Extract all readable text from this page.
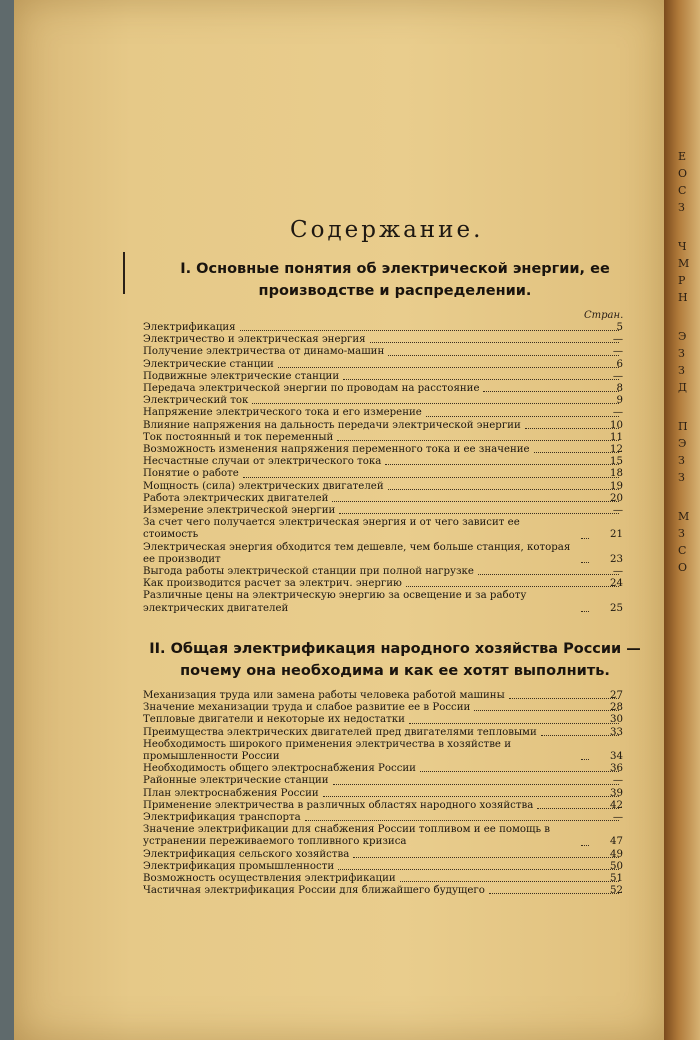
Е
О
С
З
Ч
М
Р
Н
Э
З
З
Д
П
Э
З
З
М
З
С
О
Содержание.
I. Основные понятия об электрической энергии, ее производстве и распределении.
Стран.
Электрификация	5
Электричество и электрическая энергия	—
Получение электричества от динамо-машин	—
Электрические станции	6
Подвижные электрические станции	—
Передача электрической энергии по проводам на расстояние	8
Электрический ток	9
Напряжение электрического тока и его измерение	—
Влияние напряжения на дальность передачи электрической энергии	10
Ток постоянный и ток переменный	11
Возможность изменения напряжения переменного тока и ее значение	12
Несчастные случаи от электрического тока	15
Понятие о работе	18
Мощность (сила) электрических двигателей	19
Работа электрических двигателей	20
Измерение электрической энергии	—
За счет чего получается электрическая энергия и от чего зависит ее стоимость	21
Электрическая энергия обходится тем дешевле, чем больше станция, которая ее производит	23
Выгода работы электрической станции при полной нагрузке	—
Как производится расчет за электрич. энергию	24
Различные цены на электрическую энергию за освещение и за работу электрических двигателей	25
II. Общая электрификация народного хозяйства России — почему она необходима и как ее хотят выполнить.
Механизация труда или замена работы человека работой машины	27
Значение механизации труда и слабое развитие ее в России	28
Тепловые двигатели и некоторые их недостатки	30
Преимущества электрических двигателей пред двигателями тепловыми	33
Необходимость широкого применения электричества в хозяйстве и промышленности России	34
Необходимость общего электроснабжения России	36
Районные электрические станции	—
План электроснабжения России	39
Применение электричества в различных областях народного хозяйства	42
Электрификация транспорта	—
Значение электрификации для снабжения России топливом и ее помощь в устранении переживаемого топливного кризиса	47
Электрификация сельского хозяйства	49
Электрификация промышленности	50
Возможность осуществления электрификации	51
Частичная электрификация России для ближайшего будущего	52
